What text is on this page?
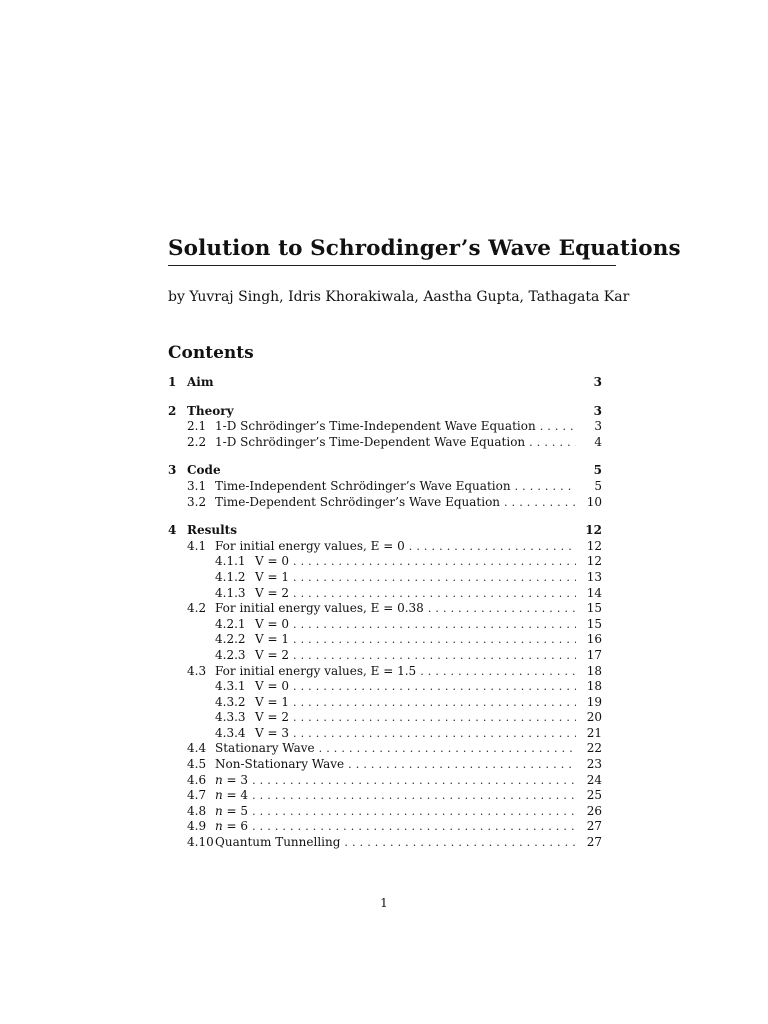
Solution to Schrodinger’s Wave Equations
by Yuvraj Singh, Idris Khorakiwala, Aastha Gupta, Tathagata Kar
Contents
1 Aim	3
2 Theory	3
2.1 1-D Schrödinger’s Time-Independent Wave Equation . .	3
2.2 1-D Schrödinger’s Time-Dependent Wave Equation . .	4
3 Code	5
3.1 Time-Independent Schrödinger’s Wave Equation . .	5
3.2 Time-Dependent Schrödinger’s Wave Equation . .	10
4 Results	12
4.1 For initial energy values, E = 0 . .	12
4.1.1 V = 0 . .	12
4.1.2 V = 1 . .	13
4.1.3 V = 2 . .	14
4.2 For initial energy values, E = 0.38 . .	15
4.2.1 V = 0 . .	15
4.2.2 V = 1 . .	16
4.2.3 V = 2 . .	17
4.3 For initial energy values, E = 1.5 . .	18
4.3.1 V = 0 . .	18
4.3.2 V = 1 . .	19
4.3.3 V = 2 . .	20
4.3.4 V = 3 . .	21
4.4 Stationary Wave . .	22
4.5 Non-Stationary Wave . .	23
4.6 n = 3 . .	24
4.7 n = 4 . .	25
4.8 n = 5 . .	26
4.9 n = 6 . .	27
4.10 Quantum Tunnelling . .	27
1
